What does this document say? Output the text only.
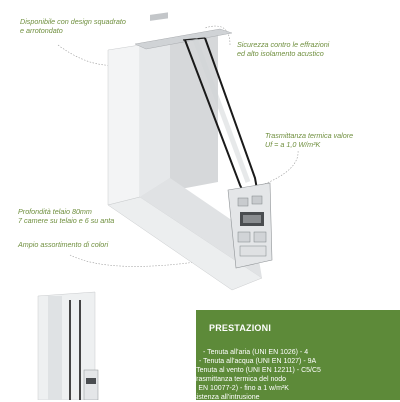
Disponibile con design squadrato
e arrotondato
Sicurezza contro le effrazioni
ed alto isolamento acustico
Trasmittanza termica valore
Uf = a 1,0 W/m²K
Profondità telaio 80mm
7 camere su telaio e 6 su anta
Ampio assortimento di colori
PRESTAZIONI
- Tenuta all'aria (UNI EN 1026) - 4
- Tenuta all'acqua (UNI EN 1027) - 9A
- Tenuta al vento (UNI EN 12211) - C5/C5
- Trasmittanza termica del nodo
(UNI EN 10077-2) - fino a 1 w/m²K
- Resistenza all'intrusione
